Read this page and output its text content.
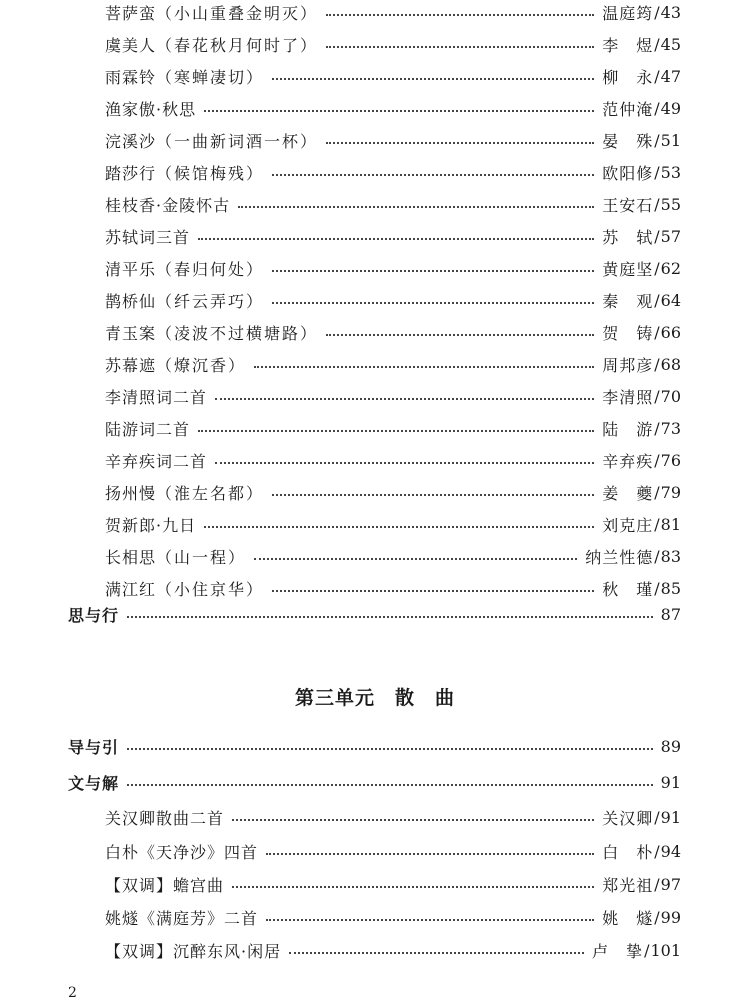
菩萨蛮（小山重叠金明灭）	温庭筠 / 43
虞美人（春花秋月何时了）	李　煜 / 45
雨霖铃（寒蝉凄切）	柳　永 / 47
渔家傲·秋思	范仲淹 / 49
浣溪沙（一曲新词酒一杯）	晏　殊 / 51
踏莎行（候馆梅残）	欧阳修 / 53
桂枝香·金陵怀古	王安石 / 55
苏轼词三首	苏　轼 / 57
清平乐（春归何处）	黄庭坚 / 62
鹊桥仙（纤云弄巧）	秦　观 / 64
青玉案（凌波不过横塘路）	贺　铸 / 66
苏幕遮（燎沉香）	周邦彦 / 68
李清照词二首	李清照 / 70
陆游词二首	陆　游 / 73
辛弃疾词二首	辛弃疾 / 76
扬州慢（淮左名都）	姜　夔 / 79
贺新郎·九日	刘克庄 / 81
长相思（山一程）	纳兰性德 / 83
满江红（小住京华）	秋　瑾 / 85
思与行	87
第三单元　散　曲
导与引	89
文与解	91
关汉卿散曲二首	关汉卿 / 91
白朴《天净沙》四首	白　朴 / 94
【双调】蟾宫曲	郑光祖 / 97
姚燧《满庭芳》二首	姚　燧 / 99
【双调】沉醉东风·闲居	卢　挚 / 101
2
